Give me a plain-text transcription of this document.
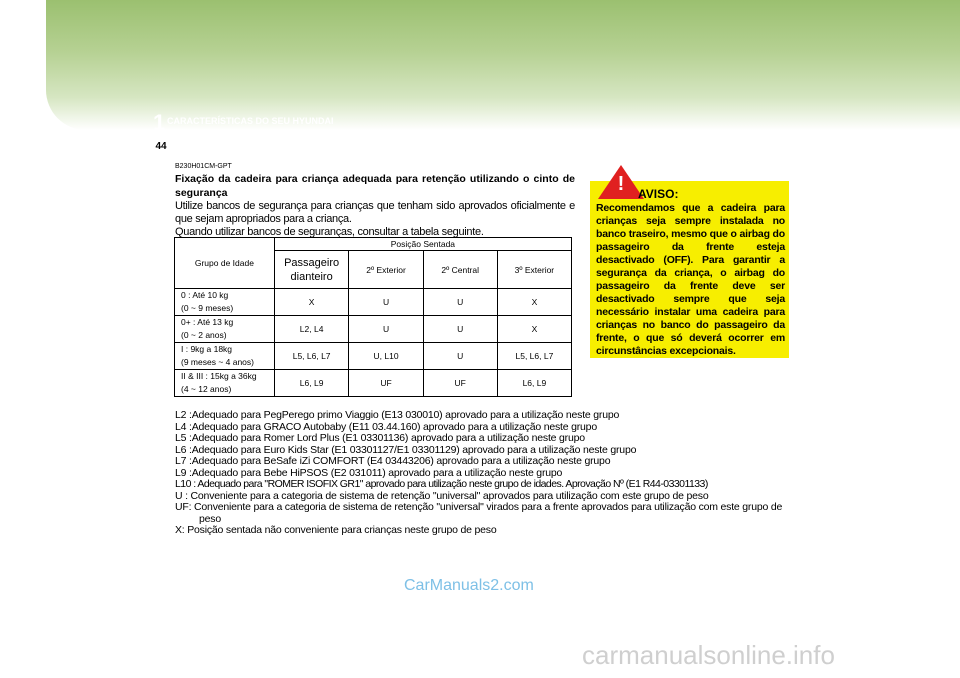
1 CARACTERÍSTICAS DO SEU HYUNDAI
44
B230H01CM-GPT
Fixação da cadeira para criança adequada para retenção utilizando o cinto de segurança
Utilize bancos de segurança para crianças que tenham sido aprovados oficialmente e que sejam apropriados para a criança.
Quando utilizar bancos de seguranças, consultar a tabela seguinte.
Grupo de Idade	Posição Sentada			
	Passageiro dianteiro	2º Exterior	2º Central	3º Exterior
0 : Até 10 kg
(0 ~ 9 meses)	X	U	U	X
0+ : Até 13 kg
(0 ~ 2 anos)	L2, L4	U	U	X
I : 9kg a 18kg
(9 meses ~ 4 anos)	L5, L6, L7	U, L10	U	L5, L6, L7
II & III : 15kg a 36kg
(4 ~ 12 anos)	L6, L9	UF	UF	L6, L9
!	AVISO:
Recomendamos que a cadeira para crianças seja sempre instalada no banco traseiro, mesmo que o airbag do passageiro da frente esteja desactivado (OFF). Para garantir a segurança da criança, o airbag do passageiro da frente deve ser desactivado sempre que seja necessário instalar uma cadeira para crianças no banco do passageiro da frente, o que só deverá ocorrer em circunstâncias excepcionais.
L2 :Adequado para PegPerego primo Viaggio (E13 030010) aprovado para a utilização neste grupo
L4 :Adequado para GRACO Autobaby (E11 03.44.160) aprovado para a utilização neste grupo
L5 :Adequado para Romer Lord Plus (E1 03301136) aprovado para a utilização neste grupo
L6 :Adequado para Euro Kids Star (E1 03301127/E1 03301129) aprovado para a utilização neste grupo
L7 :Adequado para BeSafe iZi COMFORT (E4 03443206) aprovado para a utilização neste grupo
L9 :Adequado para Bebe HiPSOS (E2 031011) aprovado para a utilização neste grupo
L10 : Adequado para "ROMER ISOFIX GR1" aprovado para utilização neste grupo de idades. Aprovação Nº (E1 R44-03301133)
U : Conveniente para a categoria de sistema de retenção "universal" aprovados para utilização com este grupo de peso
UF: Conveniente para a categoria de sistema de retenção "universal" virados para a frente aprovados para utilização com este grupo de peso
X: Posição sentada não conveniente para crianças neste grupo de peso
CarManuals2.com
carmanualsonline.info
